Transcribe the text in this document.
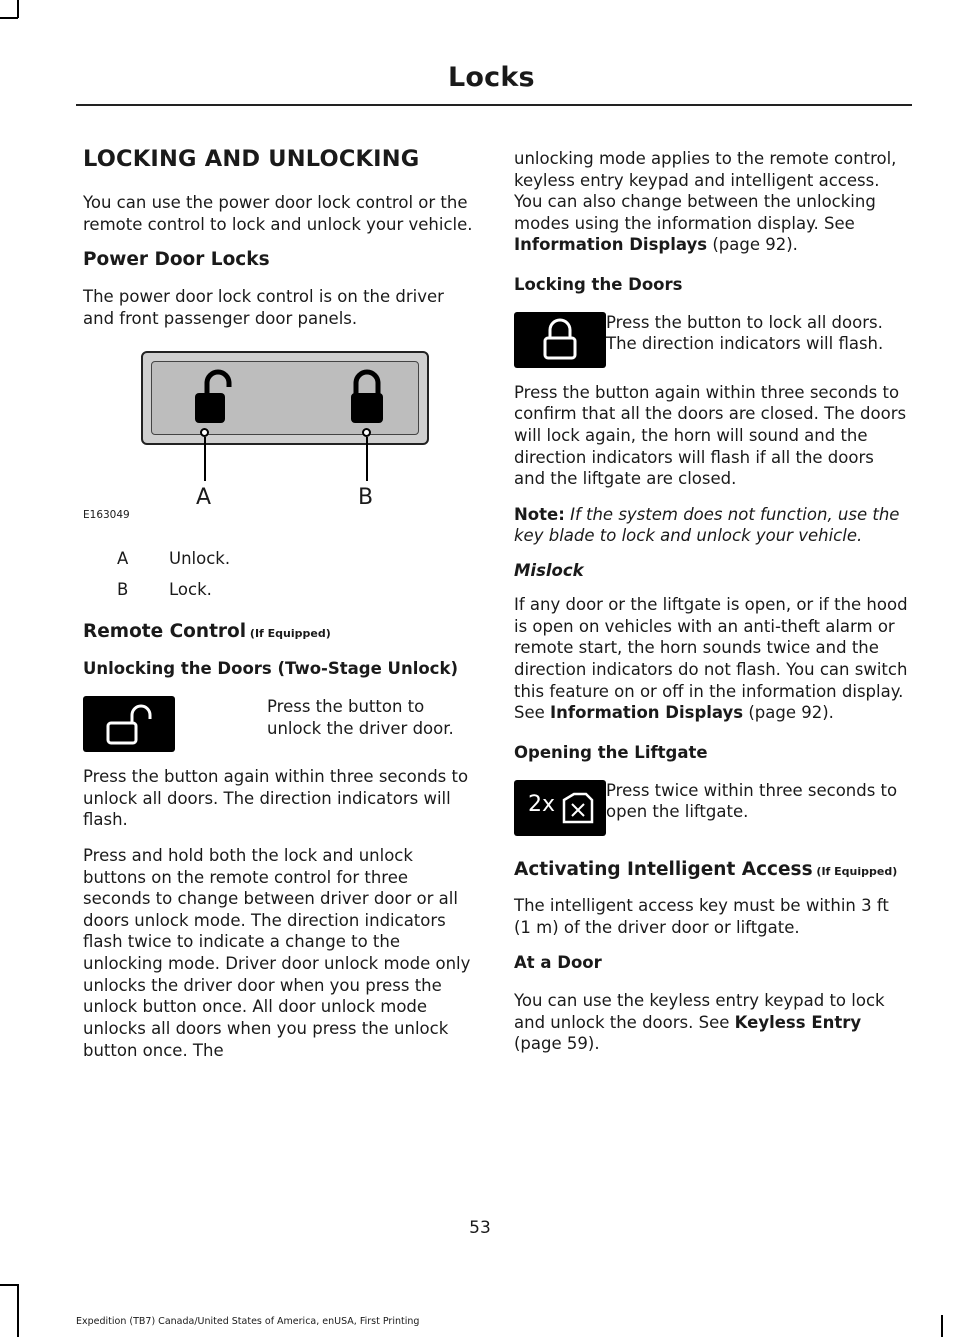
Locks
LOCKING AND UNLOCKING

You can use the power door lock control or the remote control to lock and unlock your vehicle.

Power Door Locks

The power door lock control is on the driver and front passenger door panels.

A	B
E163049
A	Unlock.
B	Lock.
Remote Control (If Equipped)
Unlocking the Doors (Two-Stage Unlock)
Press the button to unlock the driver door.

Press the button again within three seconds to unlock all doors. The direction indicators will flash.

Press and hold both the lock and unlock buttons on the remote control for three seconds to change between driver door or all doors unlock mode. The direction indicators flash twice to indicate a change to the unlocking mode. Driver door unlock mode only unlocks the driver door when you press the unlock button once. All door unlock mode unlocks all doors when you press the unlock button once. The

unlocking mode applies to the remote control, keyless entry keypad and intelligent access. You can also change between the unlocking modes using the information display. See Information Displays (page 92).

Locking the Doors
Press the button to lock all doors. The direction indicators will flash.

Press the button again within three seconds to confirm that all the doors are closed. The doors will lock again, the horn will sound and the direction indicators will flash if all the doors and the liftgate are closed.

Note: If the system does not function, use the key blade to lock and unlock your vehicle.

Mislock

If any door or the liftgate is open, or if the hood is open on vehicles with an anti-theft alarm or remote start, the horn sounds twice and the direction indicators do not flash. You can switch this feature on or off in the information display. See Information Displays (page 92).

Opening the Liftgate
2x
Press twice within three seconds to open the liftgate.
Activating Intelligent Access (If Equipped)

The intelligent access key must be within 3 ft (1 m) of the driver door or liftgate.

At a Door

You can use the keyless entry keypad to lock and unlock the doors. See Keyless Entry (page 59).

53
Expedition (TB7) Canada/United States of America, enUSA, First Printing
